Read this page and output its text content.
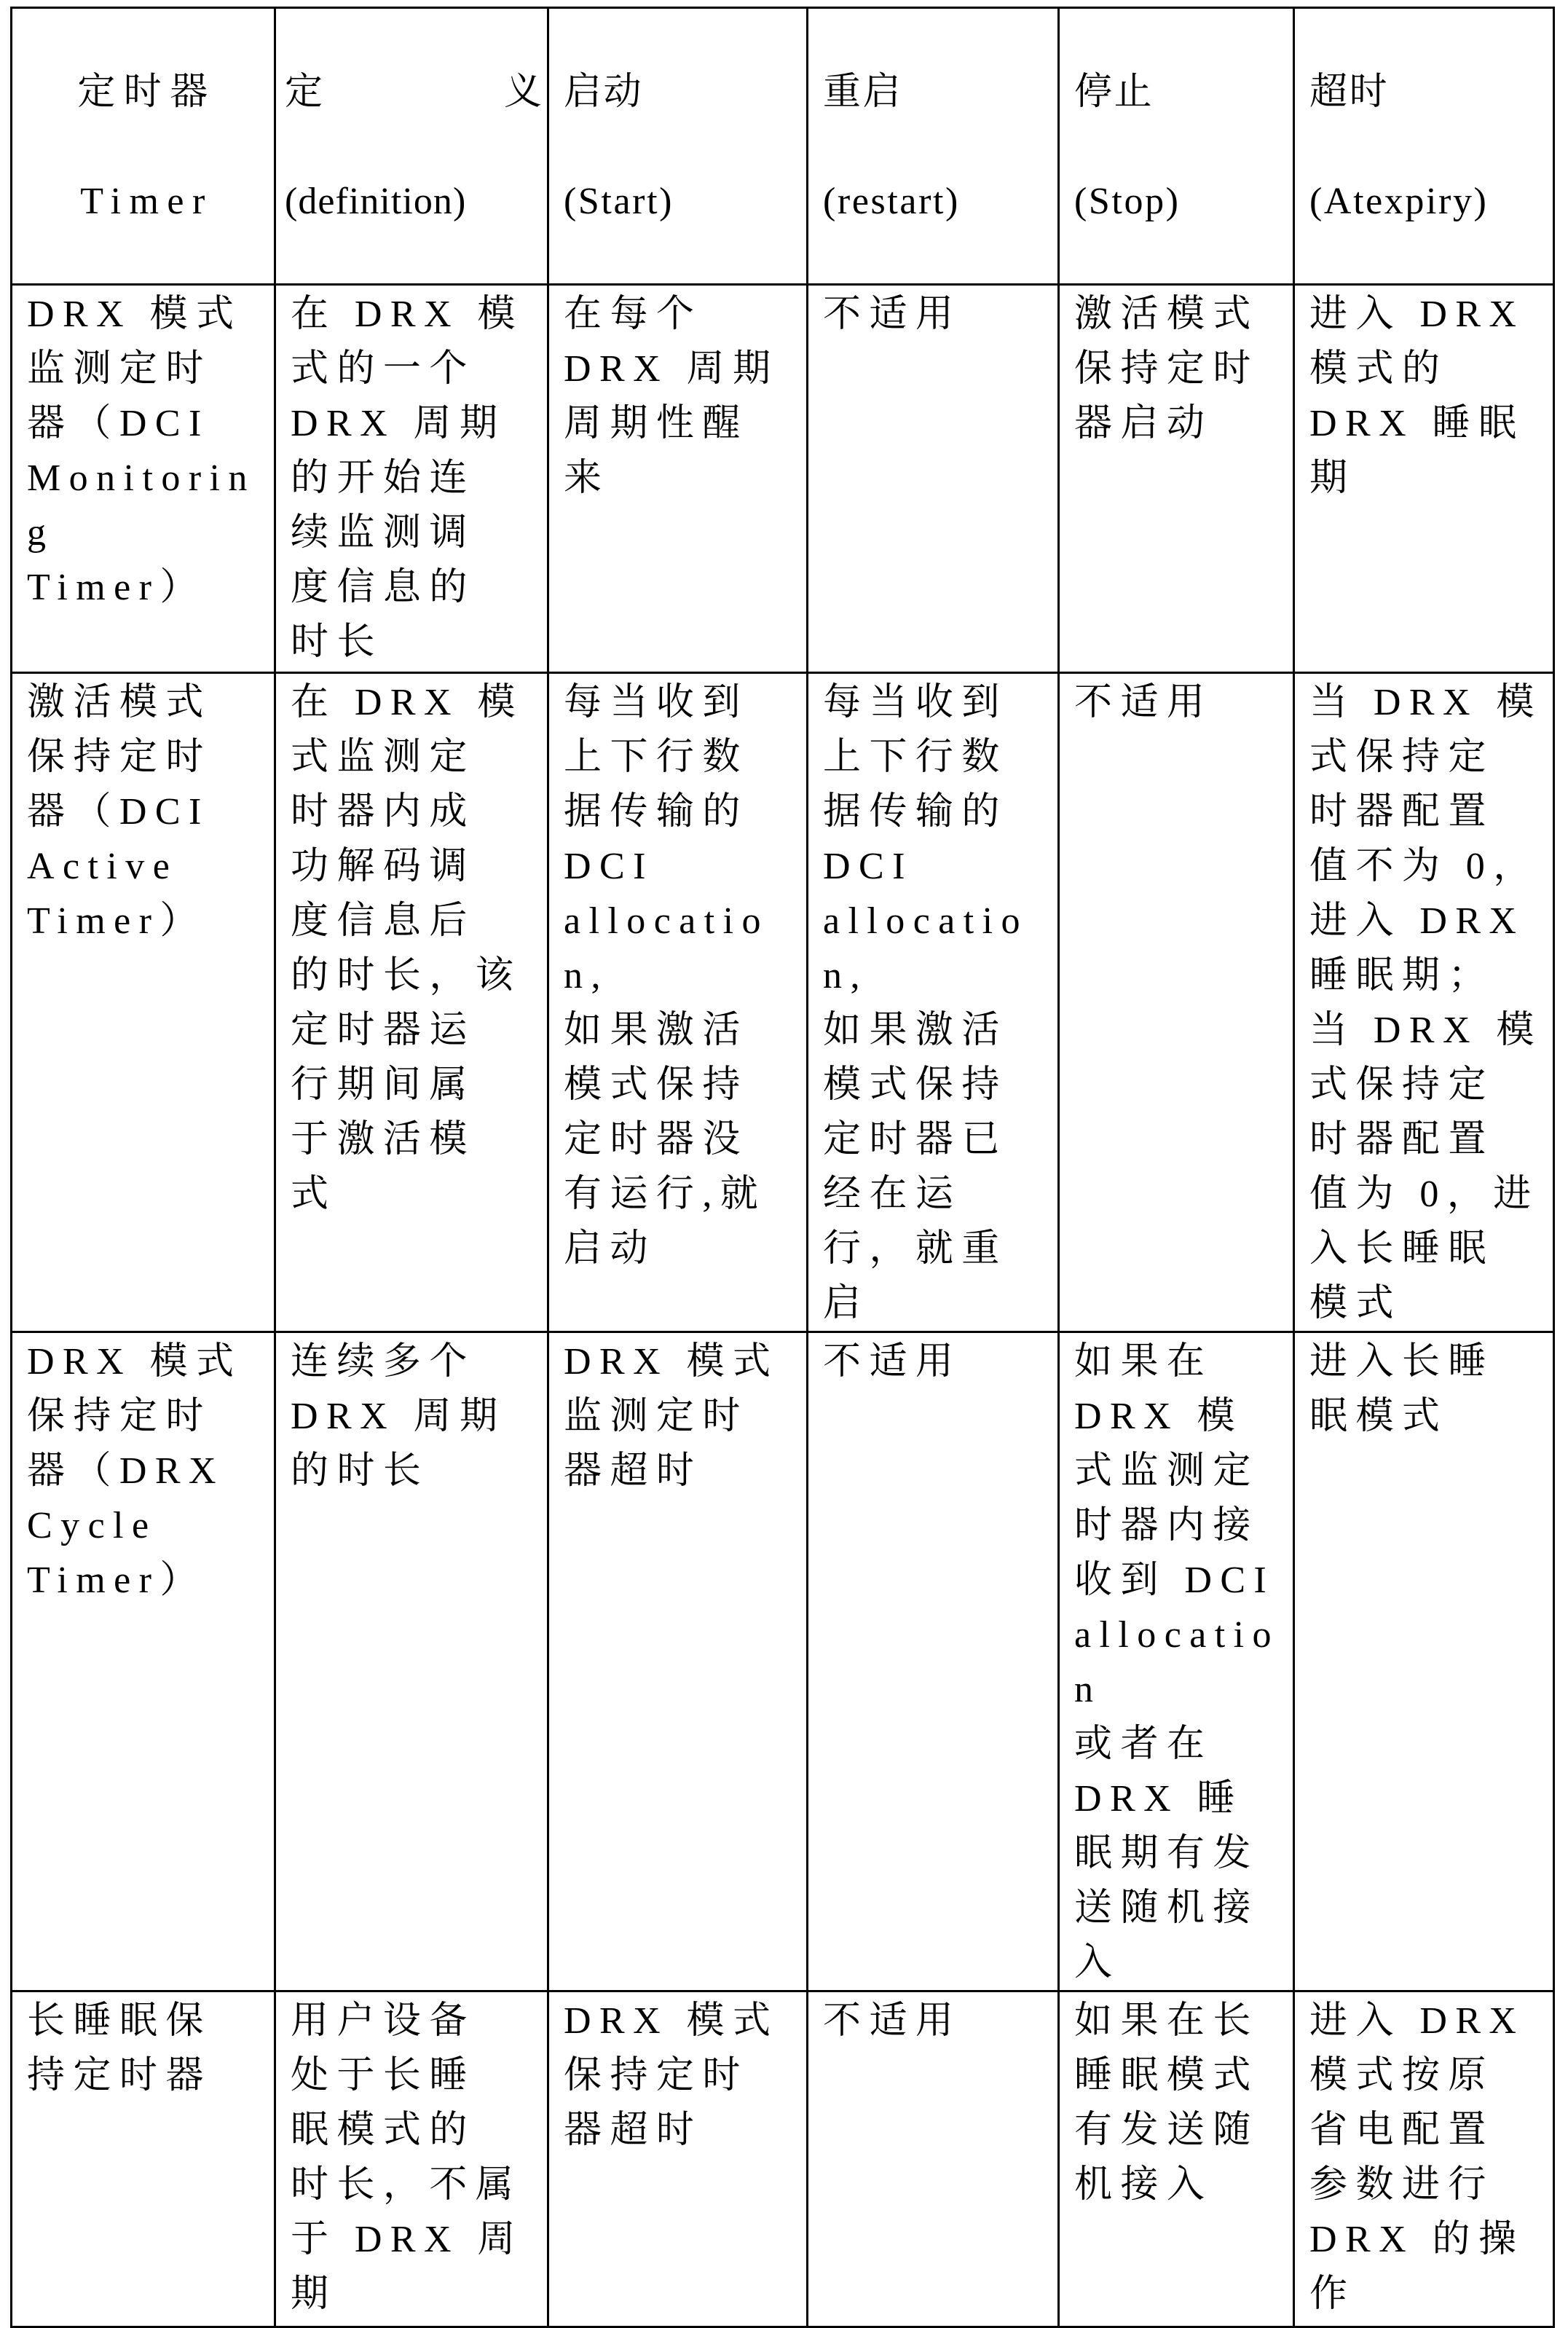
定时器

Timer

定	义

(definition)

启动

(Start)

重启

(restart)

停止

(Stop)

超时

(Atexpiry)

DRX 模式
监测定时
器（DCI
Monitoring
Timer）	在 DRX 模
式的一个
DRX 周期
的开始连
续监测调
度信息的
时长	在每个
DRX 周期
周期性醒
来	不适用	激活模式
保持定时
器启动	进入 DRX
模式的
DRX 睡眠
期
激活模式
保持定时
器（DCI
Active
Timer）	在 DRX 模
式监测定
时器内成
功解码调
度信息后
的时长，该
定时器运
行期间属
于激活模
式	每当收到
上下行数
据传输的
DCI
allocation,
如果激活
模式保持
定时器没
有运行,就
启动	每当收到
上下行数
据传输的
DCI
allocation,
如果激活
模式保持
定时器已
经在运
行，就重
启	不适用	当 DRX 模
式保持定
时器配置
值不为 0，
进入 DRX
睡眠期；
当 DRX 模
式保持定
时器配置
值为 0，进
入长睡眠
模式
DRX 模式
保持定时
器（DRX
Cycle
Timer）	连续多个
DRX 周期
的时长	DRX 模式
监测定时
器超时	不适用	如果在
DRX 模
式监测定
时器内接
收到 DCI
allocation
或者在
DRX 睡
眠期有发
送随机接
入	进入长睡
眠模式
长睡眠保
持定时器	用户设备
处于长睡
眠模式的
时长，不属
于 DRX 周
期	DRX 模式
保持定时
器超时	不适用	如果在长
睡眠模式
有发送随
机接入	进入 DRX
模式按原
省电配置
参数进行
DRX 的操
作
